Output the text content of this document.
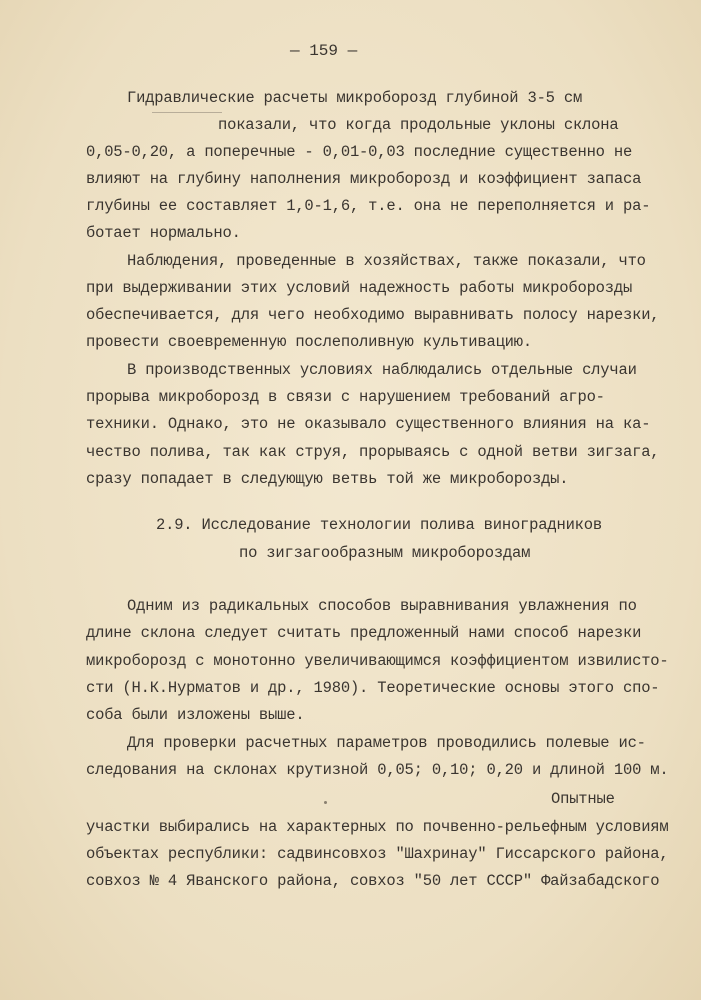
— 159 —
Гидравлические расчеты микроборозд глубиной 3-5 см
показали, что когда продольные уклоны склона
0,05-0,20, а поперечные - 0,01-0,03 последние существенно не
влияют на глубину наполнения микроборозд и коэффициент запаса
глубины ее составляет 1,0-1,6, т.е. она не переполняется и ра-
ботает нормально.
Наблюдения, проведенные в хозяйствах, также показали, что
при выдерживании этих условий надежность работы микроборозды
обеспечивается, для чего необходимо выравнивать полосу нарезки,
провести своевременную послеполивную культивацию.
В производственных условиях наблюдались отдельные случаи
прорыва микроборозд в связи с нарушением требований агро-
техники. Однако, это не оказывало существенного влияния на ка-
чество полива, так как струя, прорываясь с одной ветви зигзага,
сразу попадает в следующую ветвь той же микроборозды.
2.9. Исследование технологии полива виноградников
по зигзагообразным микробороздам
Одним из радикальных способов выравнивания увлажнения по
длине склона следует считать предложенный нами способ нарезки
микроборозд с монотонно увеличивающимся коэффициентом извилисто-
сти (Н.К.Нурматов и др., 1980). Теоретические основы этого спо-
соба были изложены выше.
Для проверки расчетных параметров проводились полевые ис-
следования на склонах крутизной 0,05; 0,10; 0,20 и длиной 100 м.
Опытные
участки выбирались на характерных по почвенно-рельефным условиям
объектах республики: садвинсовхоз "Шахринау" Гиссарского района,
совхоз № 4 Яванского района, совхоз "50 лет СССР" Файзабадского
